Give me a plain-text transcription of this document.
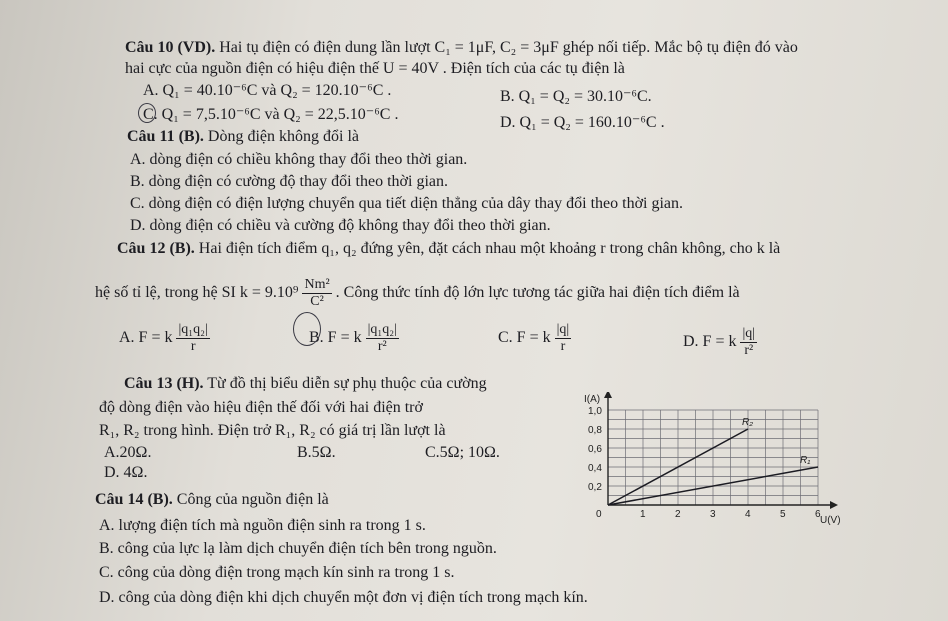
Câu 10 (VD). Hai tụ điện có điện dung lần lượt C₁ = 1μF, C₂ = 3μF ghép nối tiếp. Mắc bộ tụ điện đó vào
hai cực của nguồn điện có hiệu điện thế U = 40V . Điện tích của các tụ điện là
A. Q₁ = 40.10⁻⁶C và Q₂ = 120.10⁻⁶C .	B. Q₁ = Q₂ = 30.10⁻⁶C.
C. Q₁ = 7,5.10⁻⁶C và Q₂ = 22,5.10⁻⁶C .	D. Q₁ = Q₂ = 160.10⁻⁶C .
Câu 11 (B). Dòng điện không đổi là
A. dòng điện có chiều không thay đổi theo thời gian.
B. dòng điện có cường độ thay đổi theo thời gian.
C. dòng điện có điện lượng chuyển qua tiết diện thẳng của dây thay đổi theo thời gian.
D. dòng điện có chiều và cường độ không thay đổi theo thời gian.
Câu 12 (B). Hai điện tích điểm q₁, q₂ đứng yên, đặt cách nhau một khoảng r trong chân không, cho k là
hệ số tỉ lệ, trong hệ SI $k = 9.10^9 \frac{\text{Nm²}}{\text{C²}}$ . Công thức tính độ lớn lực tương tác giữa hai điện tích điểm là
A. F = k $\frac{\text{|q₁q₂|}}{r}$	B. F = k $\frac{\text{|q₁q₂|}}{\text{r²}}$	C. F = k $\frac{|q|}{r}$	D. F = k $\frac{|q|}{\text{r²}}$
Câu 13 (H). Từ đồ thị biểu diễn sự phụ thuộc của cường
độ dòng điện vào hiệu điện thế đối với hai điện trở
R₁, R₂ trong hình. Điện trở R₁, R₂ có giá trị lần lượt là
A.20Ω.	B.5Ω.	C.5Ω; 10Ω.
D. 4Ω.
0	1	2	3	4	5	6
0,2
0,4
0,6
0,8
1,0
R₂
R₁
I(A)
U(V)
Câu 14 (B). Công của nguồn điện là
A. lượng điện tích mà nguồn điện sinh ra trong 1 s.
B. công của lực lạ làm dịch chuyển điện tích bên trong nguồn.
C. công của dòng điện trong mạch kín sinh ra trong 1 s.
D. công của dòng điện khi dịch chuyển một đơn vị điện tích trong mạch kín.
